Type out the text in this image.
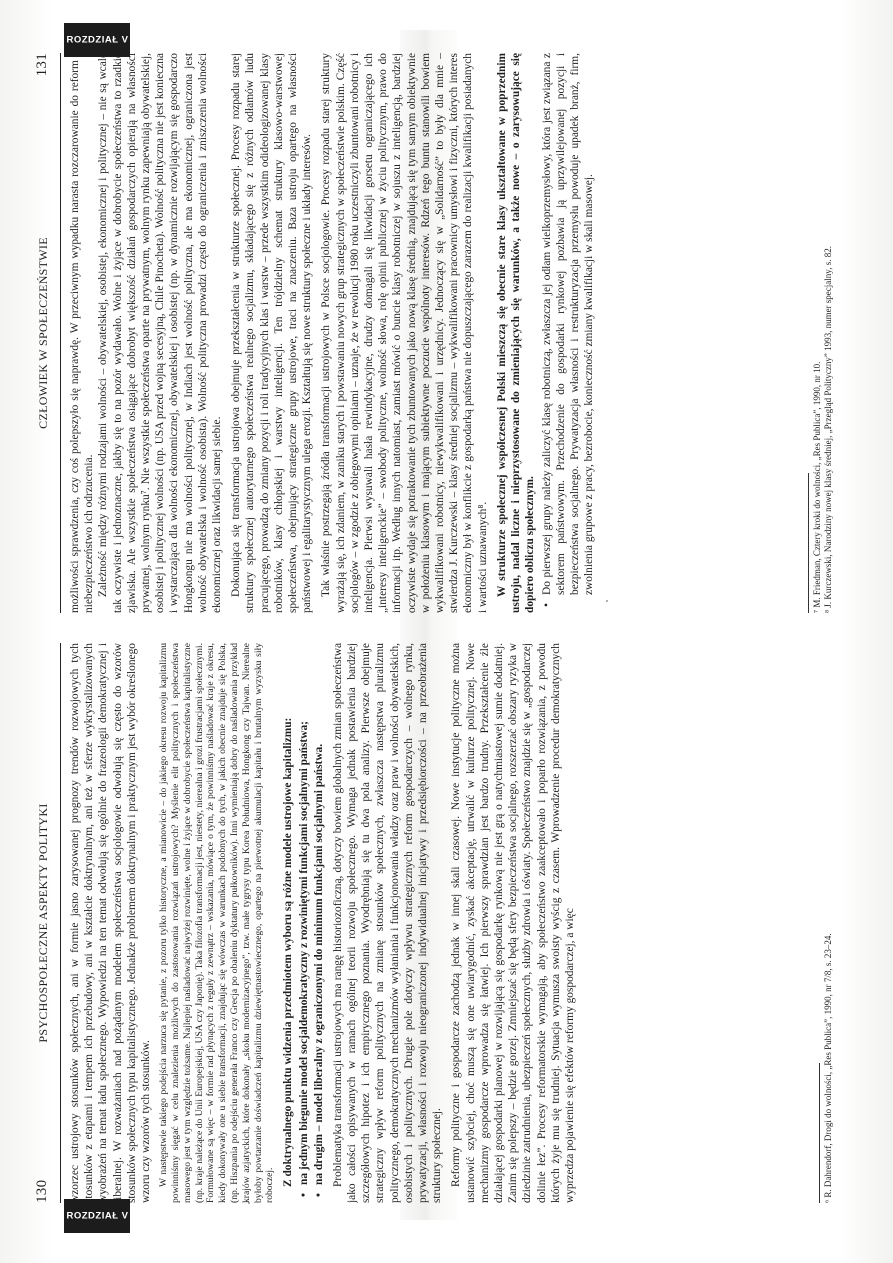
130
PSYCHOSPOŁECZNE ASPEKTY POLITYKI
ROZDZIAŁ V

wzorzec ustrojowy stosunków społecznych, ani w formie jasno zarysowanej prognozy trendów rozwojowych tych stosunków z etapami i tempem ich przebudowy, ani w kształcie doktrynalnym, ani też w sferze wykrystalizowanych wyobrażeń na temat ładu społecznego. Wypowiedzi na ten temat odwołują się ogólnie do frazeologii demokratycznej i liberalnej. W rozważaniach nad pożądanym modelem społeczeństwa socjologowie odwołują się często do wzorów stosunków społecznych typu kapitalistycznego. Jednakże problemem doktrynalnym i praktycznym jest wybór określonego wzoru czy wzorów tych stosunków. W następstwie takiego podejścia narzuca się pytanie, z pozoru tylko historyczne, a mianowicie – do jakiego okresu rozwoju kapitalizmu powinniśmy sięgać w celu znalezienia możliwych do zastosowania rozwiązań ustrojowych? Myślenie elit politycznych i społeczeństwa masowego jest w tym względzie tożsame. Najlepiej naśladować najwyżej rozwinięte, wolne i żyjące w dobrobycie społeczeństwa kapitalistyczne (np. kraje należące do Unii Europejskiej, USA czy Japonię). Taka filozofia transformacji jest, niestety, nierealna i grozi frustracjami społecznymi. Formułowane są więc – w formie rad płynących z reguły z zewnątrz – wskazania, mówiące o tym, że powinniśmy naśladować kraje z okresu, kiedy dokonywały one u siebie transformacji, znajdując się wówczas w warunkach podobnych do tych, w jakich obecnie znajduje się Polska, (np. Hiszpania po odejściu generała Franco czy Grecja po obaleniu dyktatury pułkowników). Inni wymieniają dobry do naśladowania przykład krajów azjatyckich, które dokonały „skoku modernizacyjnego”, tzw. małe tygrysy typu Korea Południowa, Hongkong czy Tajwan. Nierealne byłoby powtarzanie doświadczeń kapitalizmu dziewiętnastowiecznego, opartego na pierwotnej akumulacji kapitału i brutalnym wyzysku siły roboczej. Z doktrynalnego punktu widzenia przedmiotem wyboru są różne modele ustrojowe kapitalizmu: • na jednym biegunie model socjaldemokratyczny z rozwiniętymi funkcjami socjalnymi państwa; • na drugim – model liberalny z ograniczonymi do minimum funkcjami socjalnymi państwa. Problematyka transformacji ustrojowych ma rangę historiozoficzną, dotyczy bowiem globalnych zmian społeczeństwa jako całości opisywanych w ramach ogólnej teorii rozwoju społecznego. Wymaga jednak postawienia bardziej szczegółowych hipotez i ich empirycznego poznania. Wyodrębniają się tu dwa pola analizy. Pierwsze obejmuje strategiczny wpływ reform politycznych na zmianę stosunków społecznych, zwłaszcza następstwa pluralizmu politycznego, demokratycznych mechanizmów wyłaniania i funkcjonowania władzy oraz praw i wolności obywatelskich, osobistych i politycznych. Drugie pole dotyczy wpływu strategicznych reform gospodarczych – wolnego rynku, prywatyzacji, własności i rozwoju nieograniczonej indywidualnej inicjatywy i przedsiębiorczości – na przeobrażenia struktury społecznej. Reformy polityczne i gospodarcze zachodzą jednak w innej skali czasowej. Nowe instytucje polityczne można ustanowić szybciej, choć muszą się one uwiarygodnić, zyskać akceptację, utrwalić w kulturze politycznej. Nowe mechanizmy gospodarcze wprowadza się łatwiej. Ich pierwszy sprawdzian jest bardzo trudny. Przekształcenie źle działającej gospodarki planowej w rozwijającą się gospodarkę rynkową nie jest grą o natychmiastowej sumie dodatniej. Zanim się polepszy – będzie gorzej. Zmniejszać się będą sfery bezpieczeństwa socjalnego, rozszerzać obszary ryzyka w dziedzinie zatrudnienia, ubezpieczeń społecznych, służby zdrowia i oświaty. Społeczeństwo znajdzie się w „gospodarczej dolinie łez”. Procesy reformatorskie wymagają, aby społeczeństwo zaakceptowało i poparło rozwiązania, z powodu których żyje mu się trudniej. Sytuacja wymusza swoisty wyścig z czasem. Wprowadzenie procedur demokratycznych wyprzedza pojawienie się efektów reformy gospodarczej, a więc	⁶ R. Dahrendorf, Drogi do wolności, „Res Publica”, 1990, nr 7/8, s. 23–24.
CZŁOWIEK W SPOŁECZEŃSTWIE
131
ROZDZIAŁ V

możliwości sprawdzenia, czy coś polepszyło się naprawdę. W przeciwnym wypadku narasta rozczarowanie do reform i niebezpieczeństwo ich odrzucenia. Zależność między różnymi rodzajami wolności – obywatelskiej, osobistej, ekonomicznej i politycznej – nie są wcale tak oczywiste i jednoznaczne, jakby się to na pozór wydawało. Wolne i żyjące w dobrobycie społeczeństwa to rzadkie zjawiska. Ale wszystkie społeczeństwa osiągające dobrobyt większość działań gospodarczych opierają na własności prywatnej, wolnym rynku⁷. Nie wszystkie społeczeństwa oparte na prywatnym, wolnym rynku zapewniają obywatelskiej, osobistej i politycznej wolności (np. USA przed wojną secesyjną, Chile Pinocheta). Wolność polityczna nie jest konieczna i wystarczająca dla wolności ekonomicznej, obywatelskiej i osobistej (np. w dynamicznie rozwijającym się gospodarczo Hongkongu nie ma wolności politycznej, w Indiach jest wolność polityczna, ale ma ekonomicznej, ograniczona jest wolność obywatelska i wolność osobista). Wolność polityczna prowadzi często do ograniczenia i zniszczenia wolności ekonomicznej oraz likwidacji samej siebie. Dokonująca się transformacja ustrojowa obejmuje przekształcenia w strukturze społecznej. Procesy rozpadu starej struktury społecznej autorytarnego społeczeństwa realnego socjalizmu, składającego się z różnych odłamów ludu pracującego, prowadzą do zmiany pozycji i roli tradycyjnych klas i warstw – przede wszystkim odideologizowanej klasy robotników, klasy chłopskiej i warstwy inteligencji. Ten trójdzielny schemat struktury klasowo-warstwowej społeczeństwa, obejmujący strategiczne grupy ustrojowe, traci na znaczeniu. Baza ustroju opartego na własności państwowej i egalitarystycznym ulega erozji. Kształtują się nowe struktury społeczne i układy interesów. Tak właśnie postrzegają źródła transformacji ustrojowych w Polsce socjologowie. Procesy rozpadu starej struktury wyrażają się, ich zdaniem, w zaniku starych i powstawaniu nowych grup strategicznych w społeczeństwie polskim. Część socjologów – w zgodzie z obiegowymi opiniami – uznaje, że w rewolucji 1980 roku uczestniczyli zbuntowani robotnicy i inteligencja. Pierwsi wysuwali hasła rewindykacyjne, drudzy domagali się likwidacji gorsetu ograniczającego ich „interesy inteligenckie” – swobody polityczne, wolność słowa, rolę opinii publicznej w życiu politycznym, prawo do informacji itp. Według innych natomiast, zamiast mówić o buncie klasy robotniczej w sojuszu z inteligencją, bardziej oczywiste wydaje się potraktowanie tych zbuntowanych jako nową klasę średnią, znajdującą się tym samym obiektywnie w położeniu klasowym i mającym subiektywne poczucie wspólnoty interesów. Rdzeń tego buntu stanowili bowiem wykwalifikowani robotnicy, niewykwalifikowani i urzędnicy. Jednoczący się w „Solidarność” to były dla mnie – stwierdza J. Kurczewski – klasy średniej socjalizmu – wykwalifikowani pracownicy umysłowi i fizyczni, których interes ekonomiczny był w konflikcie z gospodarką państwa nie dopuszczającego zarazem do realizacji kwalifikacji posiadanych i wartości uznawanych⁸. W strukturze społecznej współczesnej Polski mieszczą się obecnie stare klasy ukształtowane w poprzednim ustroju, nadal liczne i nieprzystosowane do zmieniających się warunków, a także nowe – o zarysowujące się dopiero obliczu społecznym. • Do pierwszej grupy należy zaliczyć klasę robotniczą, zwłaszcza jej odłam wielkoprzemysłowy, która jest związana z sektorem państwowym. Przechodzenie do gospodarki rynkowej pozbawia ją uprzywilejowanej pozycji i bezpieczeństwa socjalnego. Prywatyzacja własności i restrukturyzacja przemysłu powoduje upadek branż, firm, zwolnienia grupowe z pracy, bezrobocie, konieczność zmiany kwalifikacji w skali masowej.	⁷ M. Friedman, Cztery kroki do wolności, „Res Publica”, 1990, nr 10. ⁸ J. Kurczewski, Narodziny nowej klasy średniej, „Przegląd Polityczny” 1993, numer specjalny, s. 82.
